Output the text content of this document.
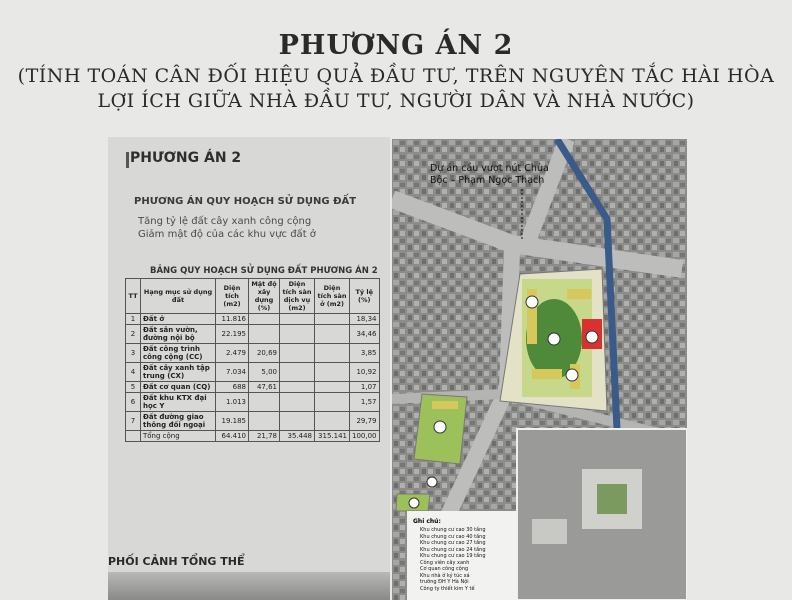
PHƯƠNG ÁN 2
(TÍNH TOÁN CÂN ĐỐI HIỆU QUẢ ĐẦU TƯ, TRÊN NGUYÊN TẮC HÀI HÒA
LỢI ÍCH GIỮA NHÀ ĐẦU TƯ, NGƯỜI DÂN VÀ NHÀ NƯỚC)
PHƯƠNG ÁN 2
PHƯƠNG ÁN QUY HOẠCH SỬ DỤNG ĐẤT
Tăng tỷ lệ đất cây xanh công cộng
Giảm mật độ của các khu vực đất ở
BẢNG QUY HOẠCH SỬ DỤNG ĐẤT PHƯƠNG ÁN 2
TT	Hạng mục sử dụng đất	Diện tích (m2)	Mật độ xây dựng (%)	Diện tích sàn dịch vụ (m2)	Diện tích sàn ở (m2)	Tỷ lệ (%)
1	Đất ở	11.816				18,34
2	Đất sân vườn, đường nội bộ	22.195				34,46
3	Đất công trình công cộng (CC)	2.479	20,69			3,85
4	Đất cây xanh tập trung (CX)	7.034	5,00			10,92
5	Đất cơ quan (CQ)	688	47,61			1,07
6	Đất khu KTX đại học Y	1.013				1,57
7	Đất đường giao thông đối ngoại	19.185				29,79
	Tổng cộng	64.410	21,78	35.448	315.141	100,00
PHỐI CẢNH TỔNG THỂ
Dự án cầu vượt nút Chùa
Bộc – Phạm Ngọc Thạch
Ghi chú:
Khu chung cư cao 30 tầng
Khu chung cư cao 40 tầng
Khu chung cư cao 27 tầng
Khu chung cư cao 24 tầng
Khu chung cư cao 19 tầng
Công viên cây xanh
Cơ quan công cộng
Khu nhà ở ký túc xá
trường ĐH Y Hà Nội
Công ty thiết kim Y tế
